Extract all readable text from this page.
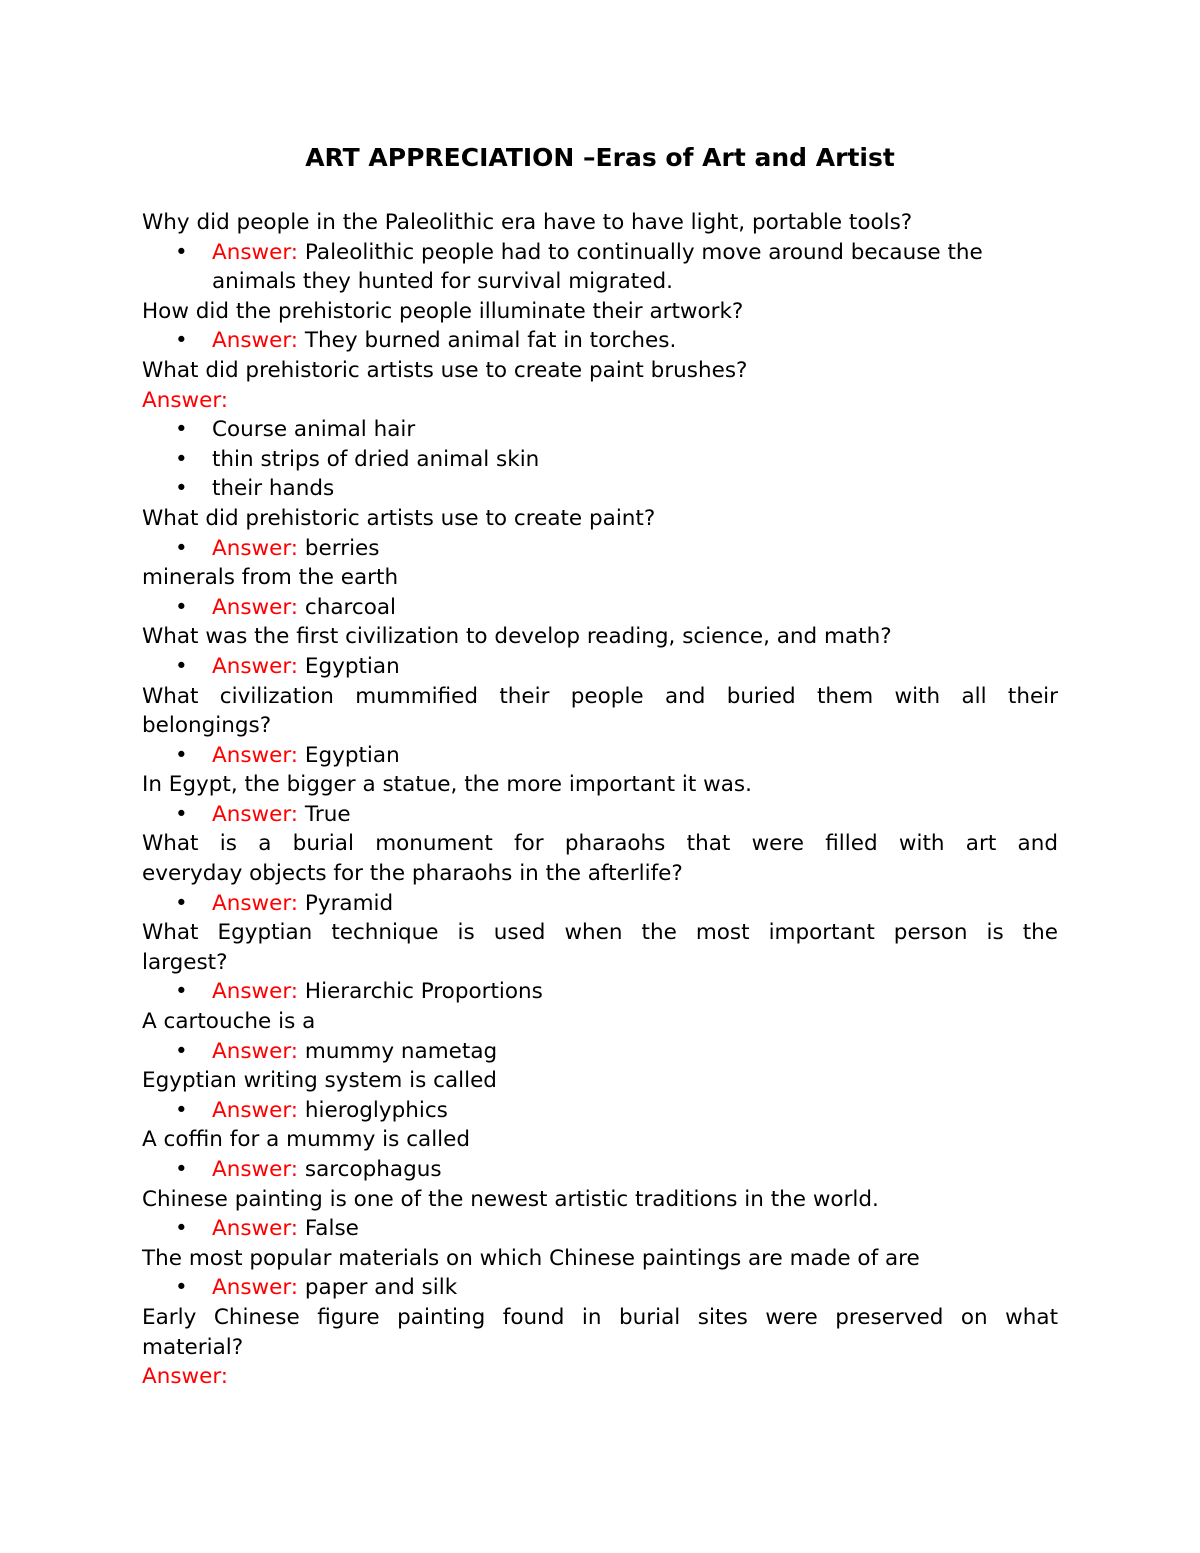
ART APPRECIATION –Eras of Art and Artist
Why did people in the Paleolithic era have to have light, portable tools?
• Answer: Paleolithic people had to continually move around because the
animals they hunted for survival migrated.
How did the prehistoric people illuminate their artwork?
• Answer: They burned animal fat in torches.
What did prehistoric artists use to create paint brushes?
Answer:
• Course animal hair
• thin strips of dried animal skin
• their hands
What did prehistoric artists use to create paint?
• Answer: berries
minerals from the earth
• Answer: charcoal
What was the first civilization to develop reading, science, and math?
• Answer: Egyptian
What civilization mummified their people and buried them with all their
belongings?
• Answer: Egyptian
In Egypt, the bigger a statue, the more important it was.
• Answer: True
What is a burial monument for pharaohs that were filled with art and
everyday objects for the pharaohs in the afterlife?
• Answer: Pyramid
What Egyptian technique is used when the most important person is the
largest?
• Answer: Hierarchic Proportions
A cartouche is a
• Answer: mummy nametag
Egyptian writing system is called
• Answer: hieroglyphics
A coffin for a mummy is called
• Answer: sarcophagus
Chinese painting is one of the newest artistic traditions in the world.
• Answer: False
The most popular materials on which Chinese paintings are made of are
• Answer: paper and silk
Early Chinese figure painting found in burial sites were preserved on what
material?
Answer:
